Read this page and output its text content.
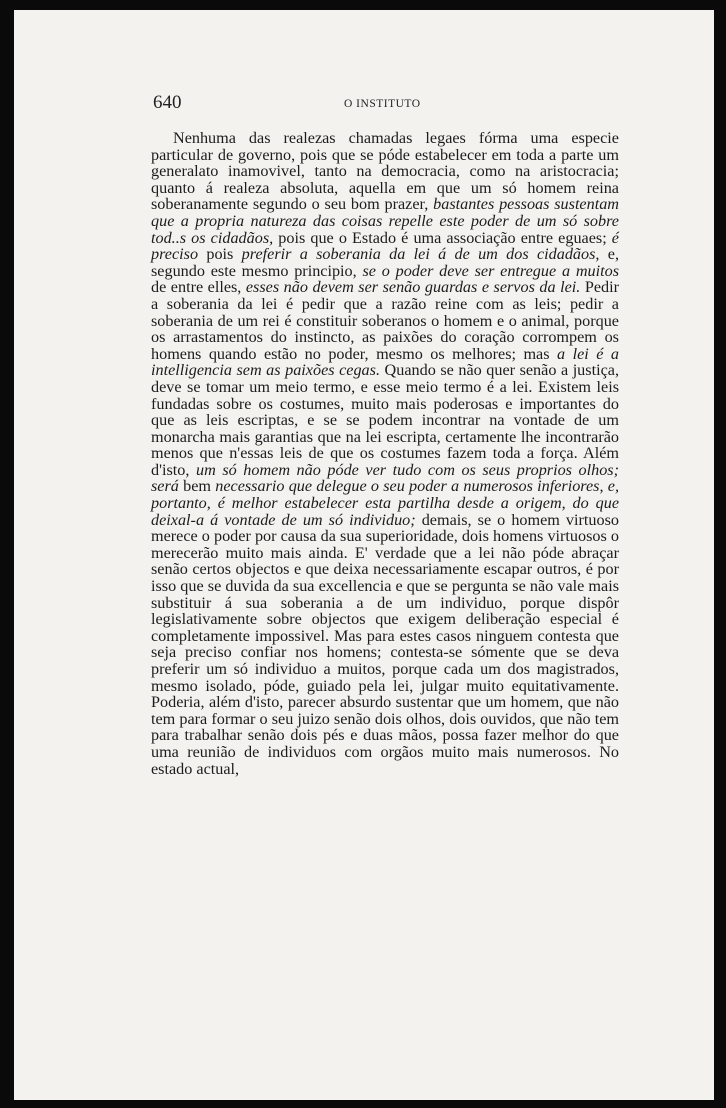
640	O INSTITUTO

Nenhuma das realezas chamadas legaes fórma uma especie particular de governo, pois que se póde estabelecer em toda a parte um generalato inamovivel, tanto na democracia, como na aristocracia; quanto á realeza absoluta, aquella em que um só homem reina soberanamente segundo o seu bom prazer, bastantes pessoas sustentam que a propria natureza das coisas repelle este poder de um só sobre tod..s os cidadãos, pois que o Estado é uma associação entre eguaes; é preciso pois preferir a soberania da lei á de um dos cidadãos, e, segundo este mesmo principio, se o poder deve ser entregue a muitos de entre elles, esses não devem ser senão guardas e servos da lei. Pedir a soberania da lei é pedir que a razão reine com as leis; pedir a soberania de um rei é constituir soberanos o homem e o animal, porque os arrastamentos do instincto, as paixões do coração corrompem os homens quando estão no poder, mesmo os melhores; mas a lei é a intelligencia sem as paixões cegas. Quando se não quer senão a justiça, deve se tomar um meio termo, e esse meio termo é a lei. Existem leis fundadas sobre os costumes, muito mais poderosas e importantes do que as leis escriptas, e se se podem incontrar na vontade de um monarcha mais garantias que na lei escripta, certamente lhe incontrarão menos que n'essas leis de que os costumes fazem toda a força. Além d'isto, um só homem não póde ver tudo com os seus proprios olhos; será bem necessario que delegue o seu poder a numerosos inferiores, e, portanto, é melhor estabelecer esta partilha desde a origem, do que deixal-a á vontade de um só individuo; demais, se o homem virtuoso merece o poder por causa da sua superioridade, dois homens virtuosos o merecerão muito mais ainda. E' verdade que a lei não póde abraçar senão certos objectos e que deixa necessariamente escapar outros, é por isso que se duvida da sua excellencia e que se pergunta se não vale mais substituir á sua soberania a de um individuo, porque dispôr legislativamente sobre objectos que exigem deliberação especial é completamente impossivel. Mas para estes casos ninguem contesta que seja preciso confiar nos homens; contesta-se sómente que se deva preferir um só individuo a muitos, porque cada um dos magistrados, mesmo isolado, póde, guiado pela lei, julgar muito equitativamente. Poderia, além d'isto, parecer absurdo sustentar que um homem, que não tem para formar o seu juizo senão dois olhos, dois ouvidos, que não tem para trabalhar senão dois pés e duas mãos, possa fazer melhor do que uma reunião de individuos com orgãos muito mais numerosos. No estado actual,
